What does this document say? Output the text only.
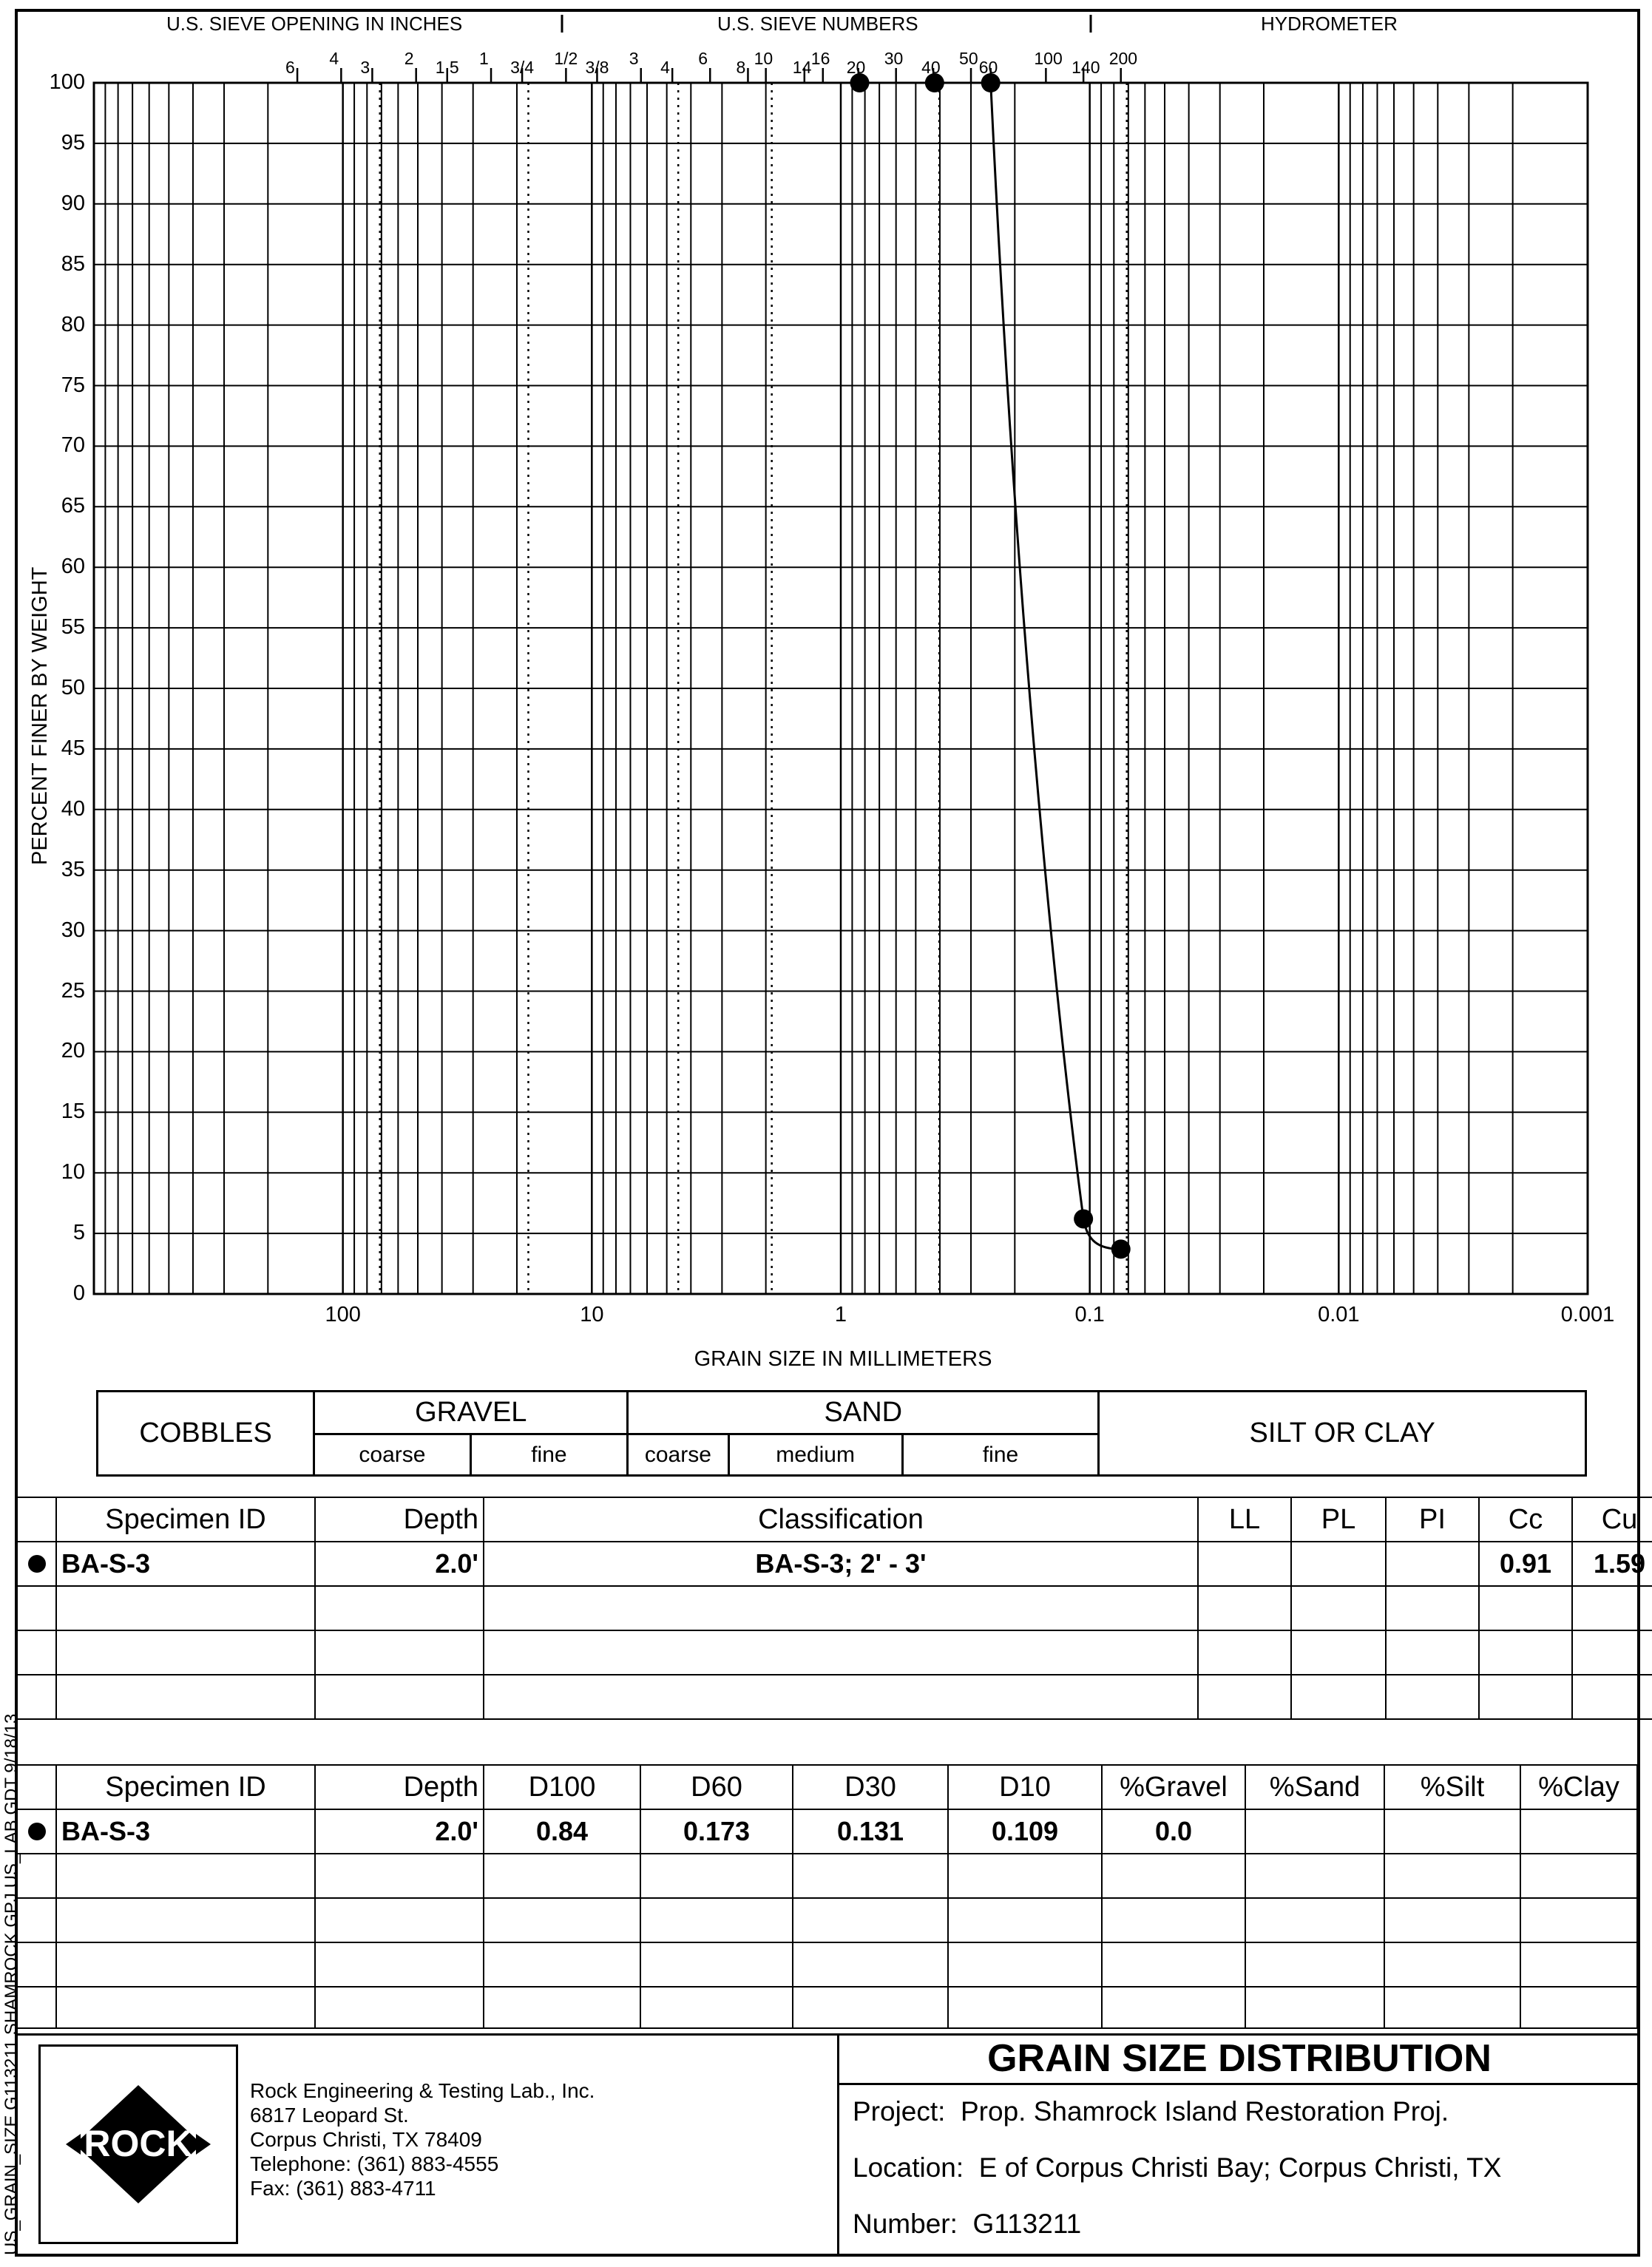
U.S. SIEVE OPENING IN INCHES	U.S. SIEVE NUMBERS	HYDROMETER
GRAIN SIZE IN MILLIMETERS
PERCENT FINER BY WEIGHT
6 4 3 2 1.5 1 3/4 1/2 3/8 3 4 6 8 10 14 16 20 30 40 50 60 100 140 200
100
95
90
85
80
75
70
65
60
55
50
45
40
35
30
25
20
15
10
5
0
100	10	1	0.1	0.01	0.001
COBBLES	GRAVEL		SAND			SILT OR CLAY
	coarse	fine	coarse	medium	fine	
	Specimen ID	Depth	Classification	LL	PL	PI	Cc	Cu
	BA-S-3	2.0'	BA-S-3; 2' - 3'				0.91	1.59

	Specimen ID	Depth	D100	D60	D30	D10	%Gravel	%Sand	%Silt	%Clay
	BA-S-3	2.0'	0.84	0.173	0.131	0.109	0.0			

ROCK
Rock Engineering & Testing Lab., Inc.
6817 Leopard St.
Corpus Christi, TX 78409
Telephone: (361) 883-4555
Fax: (361) 883-4711
GRAIN SIZE DISTRIBUTION
Project: Prop. Shamrock Island Restoration Proj.
Location: E of Corpus Christi Bay; Corpus Christi, TX
Number: G113211
US_GRAIN_SIZE G113211 SHAMROCK.GPJ US_LAB.GDT 9/18/13
